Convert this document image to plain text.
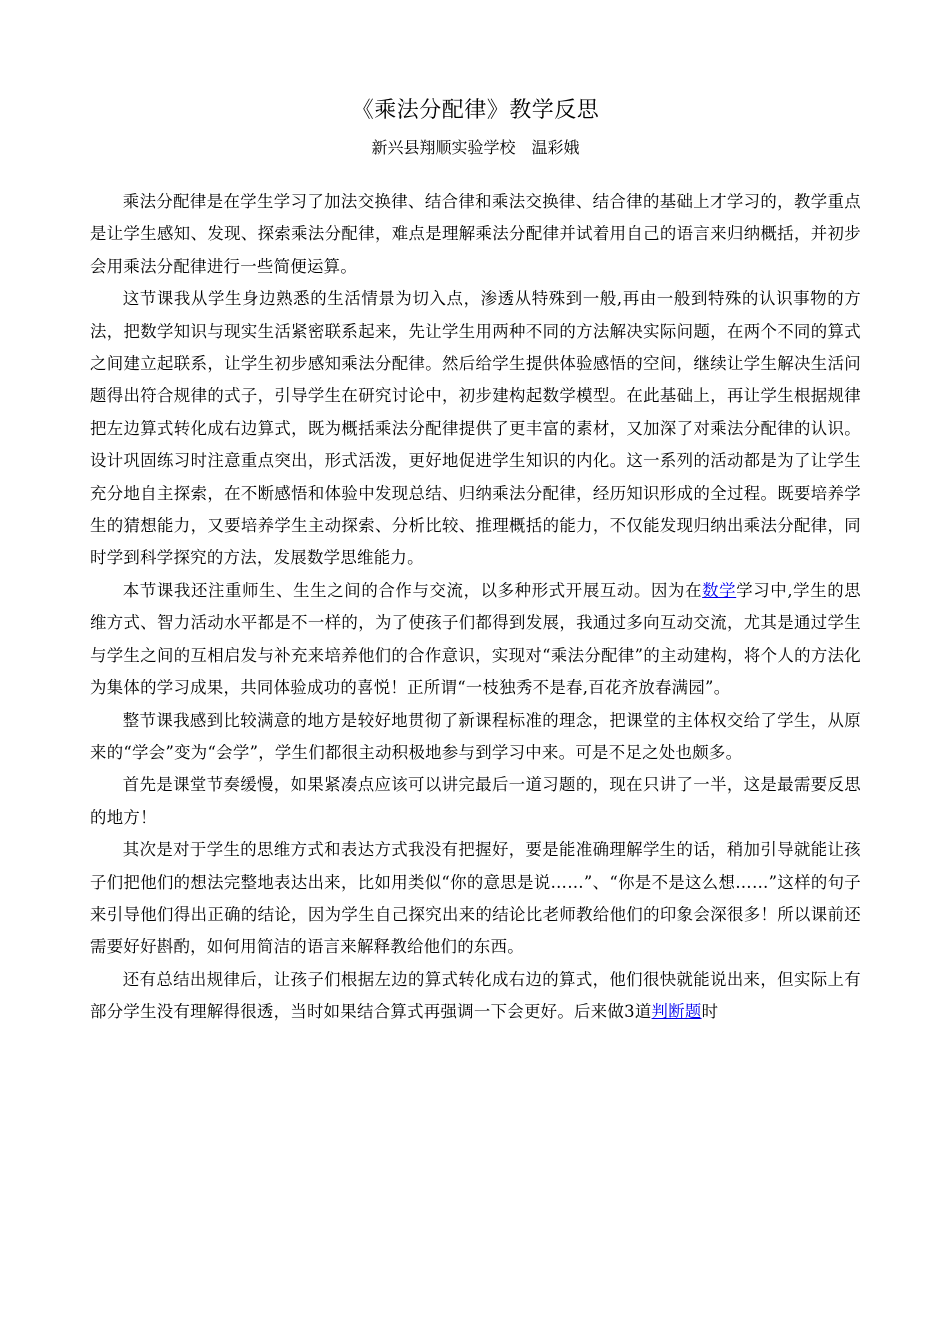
《乘法分配律》教学反思
新兴县翔顺实验学校　温彩娥

乘法分配律是在学生学习了加法交换律、结合律和乘法交换律、结合律的基础上才学习的，教学重点是让学生感知、发现、探索乘法分配律，难点是理解乘法分配律并试着用自己的语言来归纳概括，并初步会用乘法分配律进行一些简便运算。

这节课我从学生身边熟悉的生活情景为切入点，渗透从特殊到一般,再由一般到特殊的认识事物的方法，把数学知识与现实生活紧密联系起来，先让学生用两种不同的方法解决实际问题，在两个不同的算式之间建立起联系，让学生初步感知乘法分配律。然后给学生提供体验感悟的空间，继续让学生解决生活问题得出符合规律的式子，引导学生在研究讨论中，初步建构起数学模型。在此基础上，再让学生根据规律把左边算式转化成右边算式，既为概括乘法分配律提供了更丰富的素材，又加深了对乘法分配律的认识。设计巩固练习时注意重点突出，形式活泼，更好地促进学生知识的内化。这一系列的活动都是为了让学生充分地自主探索，在不断感悟和体验中发现总结、归纳乘法分配律，经历知识形成的全过程。既要培养学生的猜想能力，又要培养学生主动探索、分析比较、推理概括的能力，不仅能发现归纳出乘法分配律，同时学到科学探究的方法，发展数学思维能力。

本节课我还注重师生、生生之间的合作与交流，以多种形式开展互动。因为在数学学习中,学生的思维方式、智力活动水平都是不一样的，为了使孩子们都得到发展，我通过多向互动交流，尤其是通过学生与学生之间的互相启发与补充来培养他们的合作意识，实现对“乘法分配律”的主动建构，将个人的方法化为集体的学习成果，共同体验成功的喜悦！正所谓“一枝独秀不是春,百花齐放春满园”。

整节课我感到比较满意的地方是较好地贯彻了新课程标准的理念，把课堂的主体权交给了学生，从原来的“学会”变为“会学”，学生们都很主动积极地参与到学习中来。可是不足之处也颇多。

首先是课堂节奏缓慢，如果紧凑点应该可以讲完最后一道习题的，现在只讲了一半，这是最需要反思的地方！

其次是对于学生的思维方式和表达方式我没有把握好，要是能准确理解学生的话，稍加引导就能让孩子们把他们的想法完整地表达出来，比如用类似“你的意思是说……”、“你是不是这么想……”这样的句子来引导他们得出正确的结论，因为学生自己探究出来的结论比老师教给他们的印象会深很多！所以课前还需要好好斟酌，如何用简洁的语言来解释教给他们的东西。

还有总结出规律后，让孩子们根据左边的算式转化成右边的算式，他们很快就能说出来，但实际上有部分学生没有理解得很透，当时如果结合算式再强调一下会更好。后来做3道判断题时
